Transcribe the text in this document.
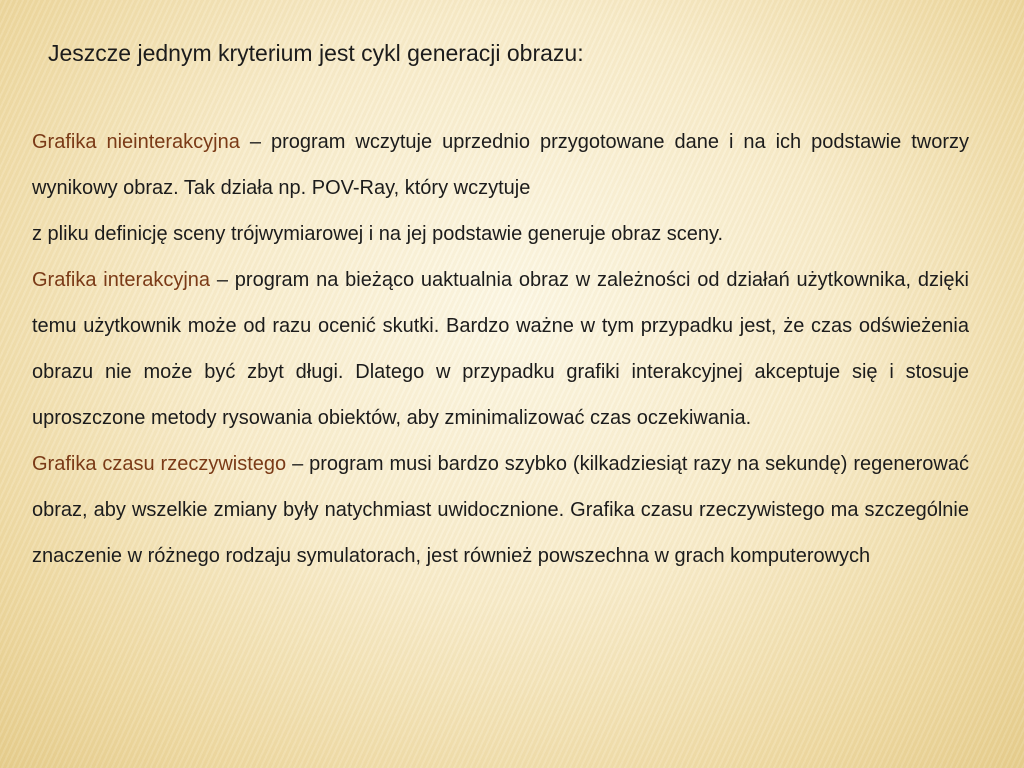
Jeszcze jednym kryterium jest cykl generacji obrazu:

Grafika nieinterakcyjna – program wczytuje uprzednio przygotowane dane i na ich podstawie tworzy wynikowy obraz. Tak działa np. POV-Ray, który wczytuje
z pliku definicję sceny trójwymiarowej i na jej podstawie generuje obraz sceny.

Grafika interakcyjna – program na bieżąco uaktualnia obraz w zależności od działań użytkownika, dzięki temu użytkownik może od razu ocenić skutki. Bardzo ważne w tym przypadku jest, że czas odświeżenia obrazu nie może być zbyt długi. Dlatego w przypadku grafiki interakcyjnej akceptuje się i stosuje uproszczone metody rysowania obiektów, aby zminimalizować czas oczekiwania.

Grafika czasu rzeczywistego – program musi bardzo szybko (kilkadziesiąt razy na sekundę) regenerować obraz, aby wszelkie zmiany były natychmiast uwidocznione. Grafika czasu rzeczywistego ma szczególnie znaczenie w różnego rodzaju symulatorach, jest również powszechna w grach komputerowych
